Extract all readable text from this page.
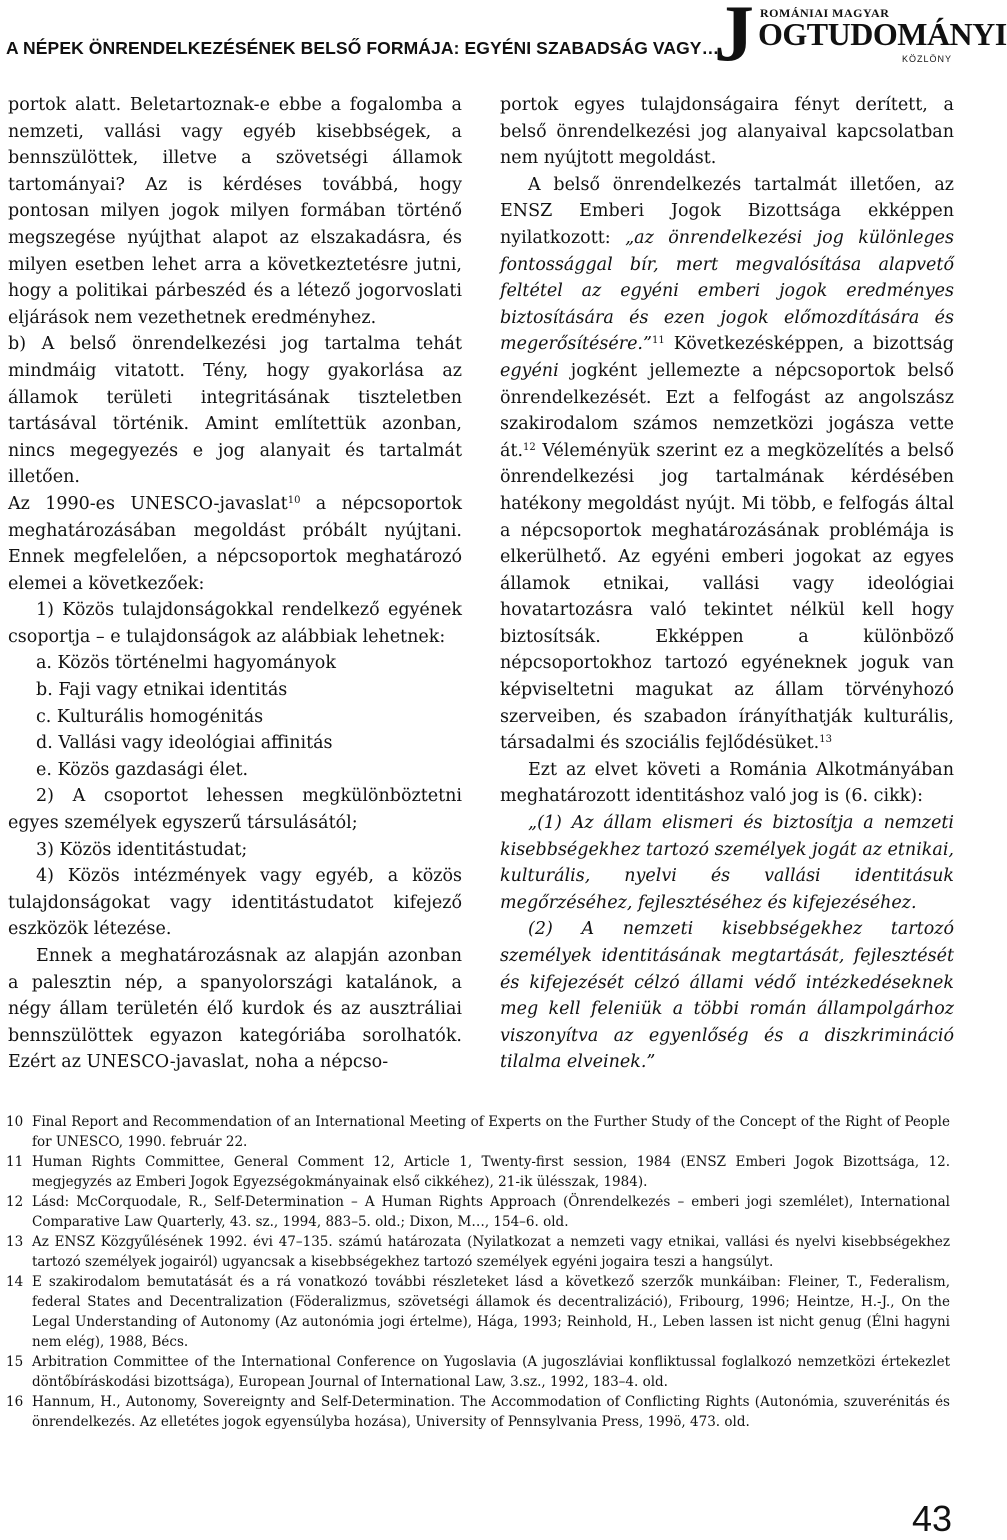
A NÉPEK ÖNRENDELKEZÉSÉNEK BELSŐ FORMÁJA: EGYÉNI SZABADSÁG VAGY…
J ROMÁNIAI MAGYAR
OGTUDOMÁNYI
KÖZLÖNY

portok alatt. Beletartoznak-e ebbe a fogalomba a nemzeti, vallási vagy egyéb kisebbségek, a bennszülöttek, illetve a szövetségi államok tartományai? Az is kérdéses továbbá, hogy pontosan milyen jogok milyen formában történő megszegése nyújthat alapot az elszakadásra, és milyen esetben lehet arra a következtetésre jutni, hogy a politikai párbeszéd és a létező jogorvoslati eljárások nem vezethetnek eredményhez.

b) A belső önrendelkezési jog tartalma tehát mindmáig vitatott. Tény, hogy gyakorlása az államok területi integritásának tiszteletben tartásával történik. Amint említettük azonban, nincs megegyezés e jog alanyait és tartalmát illetően.

Az 1990-es UNESCO-javaslat$^{10}$ a népcsoportok meghatározásában megoldást próbált nyújtani. Ennek megfelelően, a népcsoportok meghatározó elemei a következőek:

1) Közös tulajdonságokkal rendelkező egyének csoportja – e tulajdonságok az alábbiak lehetnek:

a. Közös történelmi hagyományok

b. Faji vagy etnikai identitás

c. Kulturális homogénitás

d. Vallási vagy ideológiai affinitás

e. Közös gazdasági élet.

2) A csoportot lehessen megkülönböztetni egyes személyek egyszerű társulásától;

3) Közös identitástudat;

4) Közös intézmények vagy egyéb, a közös tulajdonságokat vagy identitástudatot kifejező eszközök létezése.

Ennek a meghatározásnak az alapján azonban a palesztin nép, a spanyolországi katalánok, a négy állam területén élő kurdok és az ausztráliai bennszülöttek egyazon kategóriába sorolhatók. Ezért az UNESCO-javaslat, noha a népcso-

portok egyes tulajdonságaira fényt derített, a belső önrendelkezési jog alanyaival kapcsolatban nem nyújtott megoldást.

A belső önrendelkezés tartalmát illetően, az ENSZ Emberi Jogok Bizottsága ekképpen nyilatkozott: „az önrendelkezési jog különleges fontossággal bír, mert megvalósítása alapvető feltétel az egyéni emberi jogok eredményes biztosítására és ezen jogok előmozdítására és megerősítésére.”$^{11}$ Következésképpen, a bizottság egyéni jogként jellemezte a népcsoportok belső önrendelkezését. Ezt a felfogást az angolszász szakirodalom számos nemzetközi jogásza vette át.$^{12}$ Véleményük szerint ez a megközelítés a belső önrendelkezési jog tartalmának kérdésében hatékony megoldást nyújt. Mi több, e felfogás által a népcsoportok meghatározásának problémája is elkerülhető. Az egyéni emberi jogokat az egyes államok etnikai, vallási vagy ideológiai hovatartozásra való tekintet nélkül kell hogy biztosítsák. Ekképpen a különböző népcsoportokhoz tartozó egyéneknek joguk van képviseltetni magukat az állam törvényhozó szerveiben, és szabadon írányíthatják kulturális, társadalmi és szociális fejlődésüket.$^{13}$

Ezt az elvet követi a Románia Alkotmányában meghatározott identitáshoz való jog is (6. cikk):

„(1) Az állam elismeri és biztosítja a nemzeti kisebbségekhez tartozó személyek jogát az etnikai, kulturális, nyelvi és vallási identitásuk megőrzéséhez, fejlesztéséhez és kifejezéséhez.

(2) A nemzeti kisebbségekhez tartozó személyek identitásának megtartását, fejlesztését és kifejezését célzó állami védő intézkedéseknek meg kell feleniük a többi román állampolgárhoz viszonyítva az egyenlőség és a diszkrimináció tilalma elveinek.”

10 Final Report and Recommendation of an International Meeting of Experts on the Further Study of the Concept of the Right of People for UNESCO, 1990. február 22.
11 Human Rights Committee, General Comment 12, Article 1, Twenty-first session, 1984 (ENSZ Emberi Jogok Bizottsága, 12. megjegyzés az Emberi Jogok Egyezségokmányainak első cikkéhez), 21-ik ülésszak, 1984).
12 Lásd: McCorquodale, R., Self-Determination – A Human Rights Approach (Önrendelkezés – emberi jogi szemlélet), International Comparative Law Quarterly, 43. sz., 1994, 883–5. old.; Dixon, M…, 154–6. old.
13 Az ENSZ Közgyűlésének 1992. évi 47–135. számú határozata (Nyilatkozat a nemzeti vagy etnikai, vallási és nyelvi kisebbségekhez tartozó személyek jogairól) ugyancsak a kisebbségekhez tartozó személyek egyéni jogaira teszi a hangsúlyt.
14 E szakirodalom bemutatását és a rá vonatkozó további részleteket lásd a következő szerzők munkáiban: Fleiner, T., Federalism, federal States and Decentralization (Föderalizmus, szövetségi államok és decentralizáció), Fribourg, 1996; Heintze, H.-J., On the Legal Understanding of Autonomy (Az autonómia jogi értelme), Hága, 1993; Reinhold, H., Leben lassen ist nicht genug (Élni hagyni nem elég), 1988, Bécs.
15 Arbitration Committee of the International Conference on Yugoslavia (A jugoszláviai konfliktussal foglalkozó nemzetközi értekezlet döntőbíráskodási bizottsága), European Journal of International Law, 3.sz., 1992, 183–4. old.
16 Hannum, H., Autonomy, Sovereignty and Self-Determination. The Accommodation of Conflicting Rights (Autonómia, szuverénitás és önrendelkezés. Az elletétes jogok egyensúlyba hozása), University of Pennsylvania Press, 199ö, 473. old.
43
